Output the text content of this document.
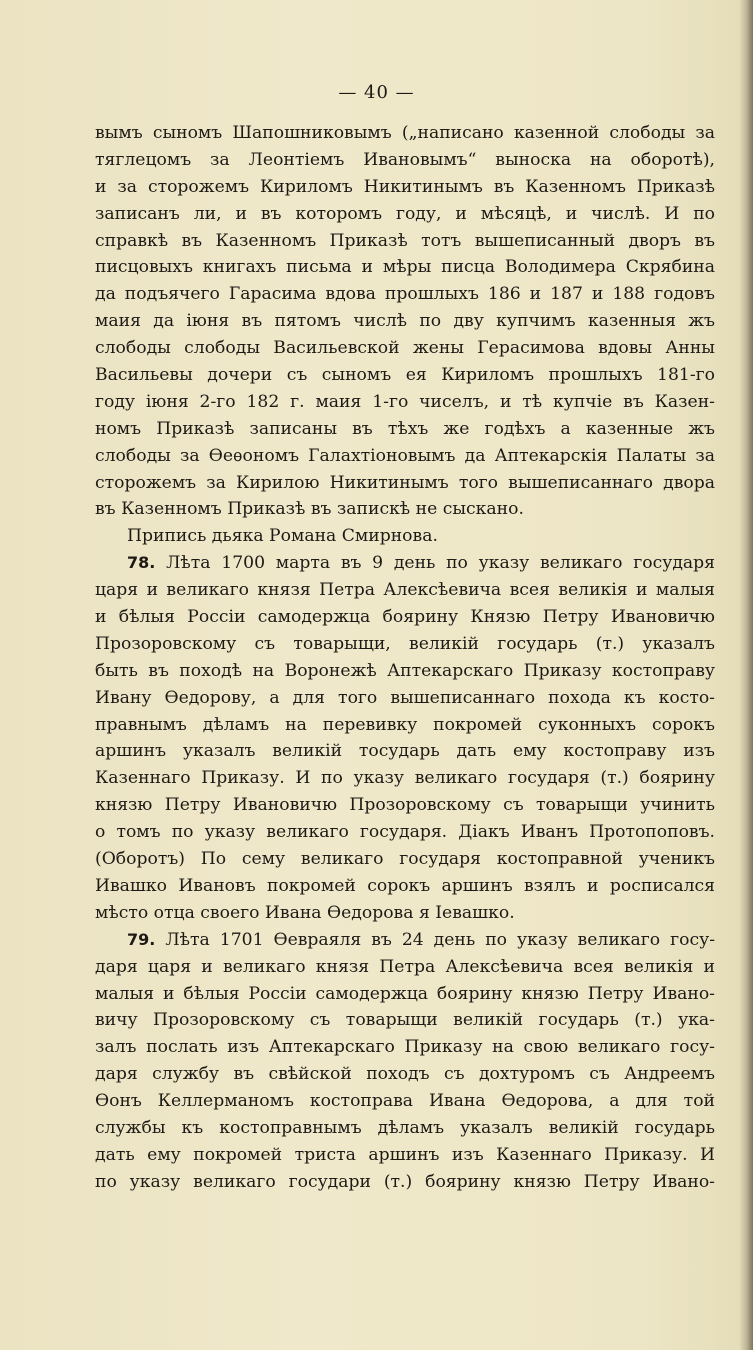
— 40 —
вымъ сыномъ Шапошниковымъ („написано казенной слободы за
тяглецомъ за Леонтіемъ Ивановымъ“ выноска на оборотѣ),
и за сторожемъ Кириломъ Никитинымъ въ Казенномъ Приказѣ
записанъ ли, и въ которомъ году, и мѣсяцѣ, и числѣ. И по
справкѣ въ Казенномъ Приказѣ тотъ вышеписанный дворъ въ
писцовыхъ книгахъ письма и мѣры писца Володимера Скрябина
да подъячего Гарасима вдова прошлыхъ 186 и 187 и 188 годовъ
маия да іюня въ пятомъ числѣ по дву купчимъ казенныя жъ
слободы слободы Васильевской жены Герасимова вдовы Анны
Васильевы дочери съ сыномъ ея Кириломъ прошлыхъ 181-го
году іюня 2-го 182 г. маия 1-го чиселъ, и тѣ купчіе въ Казен-
номъ Приказѣ записаны въ тѣхъ же годѣхъ а казенные жъ
слободы за Ѳеѳономъ Галахтіоновымъ да Аптекарскія Палаты за
сторожемъ за Кирилою Никитинымъ того вышеписаннаго двора
въ Казенномъ Приказѣ въ запискѣ не сыскано.
Припись дьяка Романа Смирнова.
78. Лѣта 1700 марта въ 9 день по указу великаго государя
царя и великаго князя Петра Алексѣевича всея великія и малыя
и бѣлыя Россіи самодержца боярину Князю Петру Ивановичю
Прозоровскому съ товарыщи, великій государь (т.) указалъ
быть въ походѣ на Воронежѣ Аптекарскаго Приказу костоправу
Ивану Ѳедорову, а для того вышеписаннаго похода къ косто-
правнымъ дѣламъ на перевивку покромей суконныхъ сорокъ
аршинъ указалъ великій тосударь дать ему костоправу изъ
Казеннаго Приказу. И по указу великаго государя (т.) боярину
князю Петру Ивановичю Прозоровскому съ товарыщи учинить
о томъ по указу великаго государя. Діакъ Иванъ Протопоповъ.
(Оборотъ) По сему великаго государя костоправной ученикъ
Ивашко Ивановъ покромей сорокъ аршинъ взялъ и росписался
мѣсто отца своего Ивана Ѳедорова я Іевашко.
79. Лѣта 1701 Ѳевраяля въ 24 день по указу великаго госу-
даря царя и великаго князя Петра Алексѣевича всея великія и
малыя и бѣлыя Россіи самодержца боярину князю Петру Ивано-
вичу Прозоровскому съ товарыщи великій государь (т.) ука-
залъ послать изъ Аптекарскаго Приказу на свою великаго госу-
даря службу въ свѣйской походъ съ дохтуромъ съ Андреемъ
Ѳонъ Келлерманомъ костоправа Ивана Ѳедорова, а для той
службы къ костоправнымъ дѣламъ указалъ великій государь
дать ему покромей триста аршинъ изъ Казеннаго Приказу. И
по указу великаго государи (т.) боярину князю Петру Ивано-
